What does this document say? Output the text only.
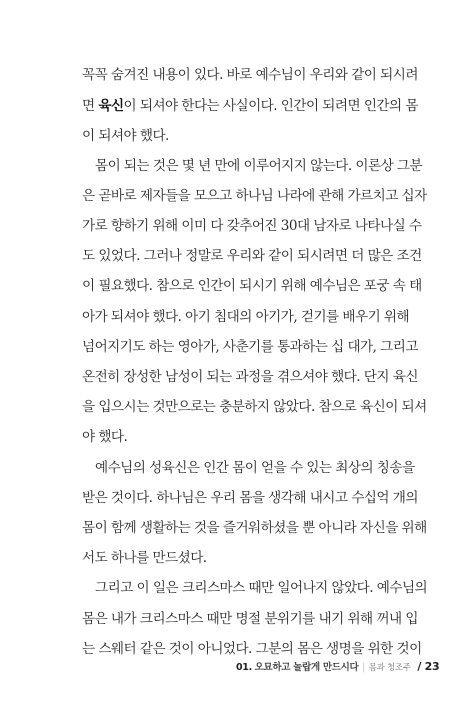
꼭꼭 숨겨진 내용이 있다. 바로 예수님이 우리와 같이 되시려
면 육신이 되셔야 한다는 사실이다. 인간이 되려면 인간의 몸
이 되셔야 했다.
몸이 되는 것은 몇 년 만에 이루어지지 않는다. 이론상 그분
은 곧바로 제자들을 모으고 하나님 나라에 관해 가르치고 십자
가로 향하기 위해 이미 다 갖추어진 30대 남자로 나타나실 수
도 있었다. 그러나 정말로 우리와 같이 되시려면 더 많은 조건
이 필요했다. 참으로 인간이 되시기 위해 예수님은 포궁 속 태
아가 되셔야 했다. 아기 침대의 아기가, 걷기를 배우기 위해
넘어지기도 하는 영아가, 사춘기를 통과하는 십 대가, 그리고
온전히 장성한 남성이 되는 과정을 겪으셔야 했다. 단지 육신
을 입으시는 것만으로는 충분하지 않았다. 참으로 육신이 되셔
야 했다.
예수님의 성육신은 인간 몸이 얻을 수 있는 최상의 칭송을
받은 것이다. 하나님은 우리 몸을 생각해 내시고 수십억 개의
몸이 함께 생활하는 것을 즐거워하셨을 뿐 아니라 자신을 위해
서도 하나를 만드셨다.
그리고 이 일은 크리스마스 때만 일어나지 않았다. 예수님의
몸은 내가 크리스마스 때만 명절 분위기를 내기 위해 꺼내 입
는 스웨터 같은 것이 아니었다. 그분의 몸은 생명을 위한 것이
01. 오묘하고 놀랍게 만드시다 | 몸과 청조주 / 23
